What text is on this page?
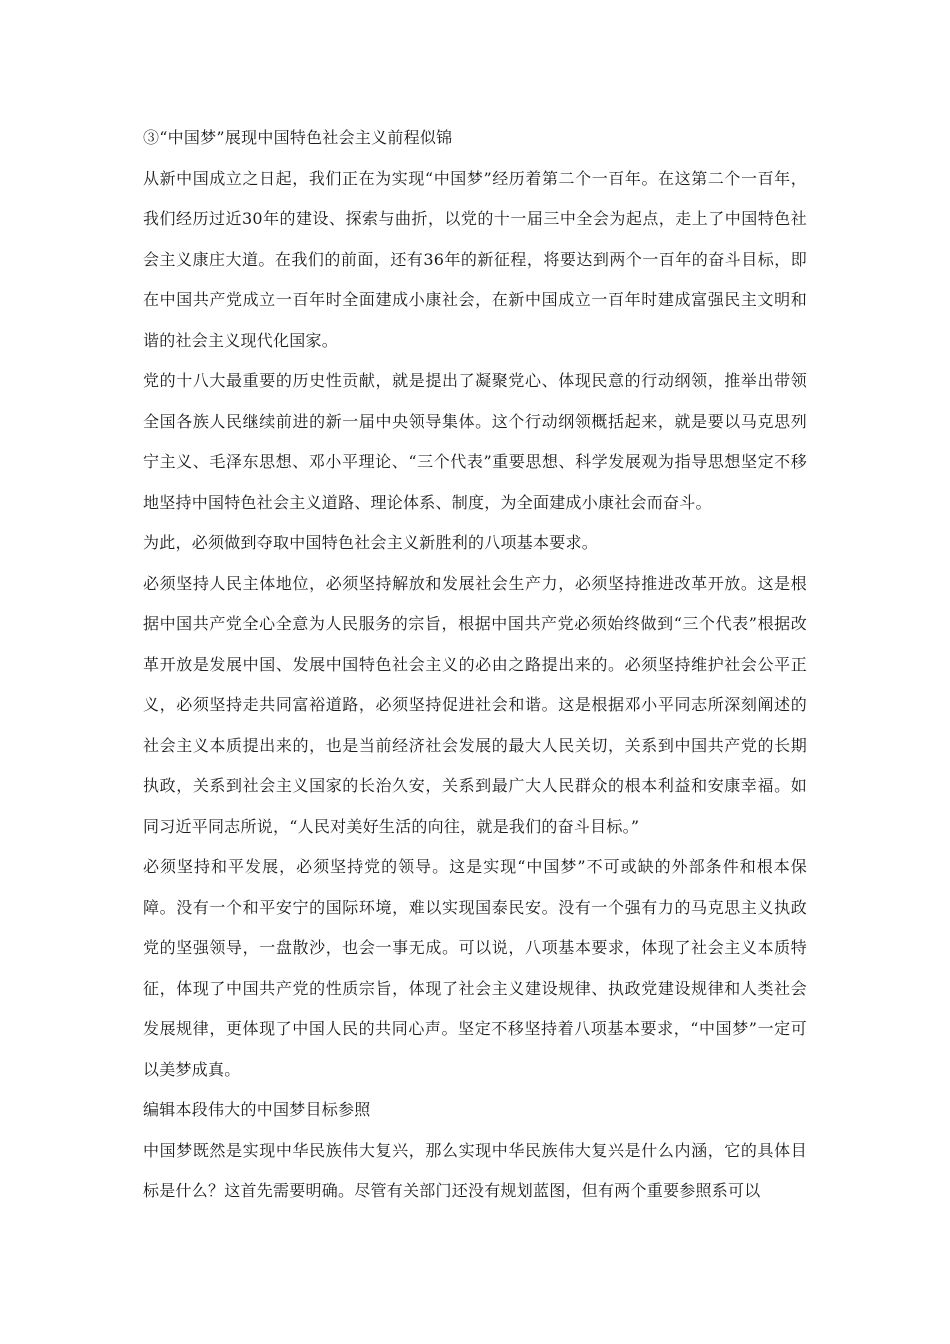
③“中国梦”展现中国特色社会主义前程似锦

从新中国成立之日起，我们正在为实现“中国梦”经历着第二个一百年。在这第二个一百年，我们经历过近30年的建设、探索与曲折，以党的十一届三中全会为起点，走上了中国特色社会主义康庄大道。在我们的前面，还有36年的新征程，将要达到两个一百年的奋斗目标，即在中国共产党成立一百年时全面建成小康社会，在新中国成立一百年时建成富强民主文明和谐的社会主义现代化国家。

党的十八大最重要的历史性贡献，就是提出了凝聚党心、体现民意的行动纲领，推举出带领全国各族人民继续前进的新一届中央领导集体。这个行动纲领概括起来，就是要以马克思列宁主义、毛泽东思想、邓小平理论、“三个代表”重要思想、科学发展观为指导思想坚定不移地坚持中国特色社会主义道路、理论体系、制度，为全面建成小康社会而奋斗。

为此，必须做到夺取中国特色社会主义新胜利的八项基本要求。

必须坚持人民主体地位，必须坚持解放和发展社会生产力，必须坚持推进改革开放。这是根据中国共产党全心全意为人民服务的宗旨，根据中国共产党必须始终做到“三个代表”根据改革开放是发展中国、发展中国特色社会主义的必由之路提出来的。必须坚持维护社会公平正义，必须坚持走共同富裕道路，必须坚持促进社会和谐。这是根据邓小平同志所深刻阐述的社会主义本质提出来的，也是当前经济社会发展的最大人民关切，关系到中国共产党的长期执政，关系到社会主义国家的长治久安，关系到最广大人民群众的根本利益和安康幸福。如同习近平同志所说，“人民对美好生活的向往，就是我们的奋斗目标。”

必须坚持和平发展，必须坚持党的领导。这是实现“中国梦”不可或缺的外部条件和根本保障。没有一个和平安宁的国际环境，难以实现国泰民安。没有一个强有力的马克思主义执政党的坚强领导，一盘散沙，也会一事无成。可以说，八项基本要求，体现了社会主义本质特征，体现了中国共产党的性质宗旨，体现了社会主义建设规律、执政党建设规律和人类社会发展规律，更体现了中国人民的共同心声。坚定不移坚持着八项基本要求，“中国梦”一定可以美梦成真。

编辑本段伟大的中国梦目标参照

中国梦既然是实现中华民族伟大复兴，那么实现中华民族伟大复兴是什么内涵，它的具体目标是什么？这首先需要明确。尽管有关部门还没有规划蓝图，但有两个重要参照系可以
